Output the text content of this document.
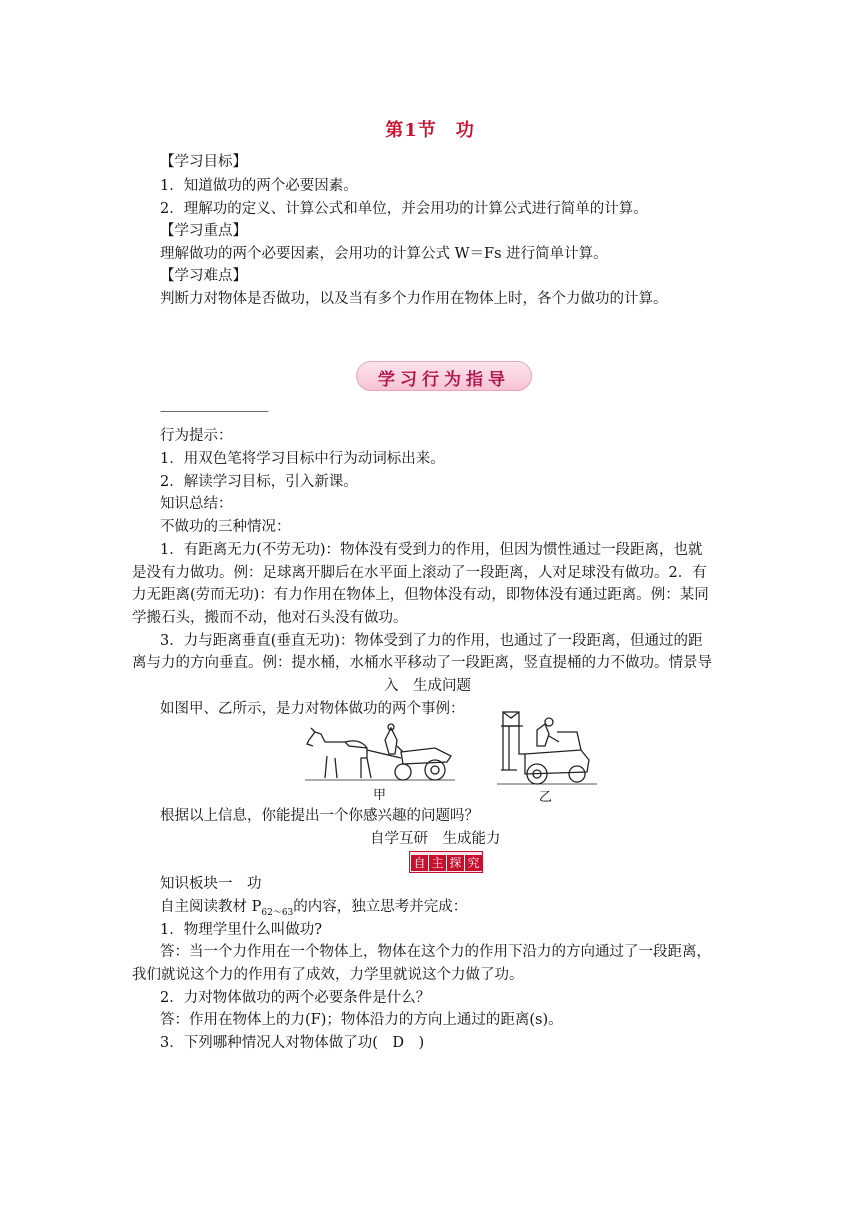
第1节　功
【学习目标】
1．知道做功的两个必要因素。
2．理解功的定义、计算公式和单位，并会用功的计算公式进行简单的计算。
【学习重点】
理解做功的两个必要因素，会用功的计算公式 W＝Fs 进行简单计算。
【学习难点】
判断力对物体是否做功，以及当有多个力作用在物体上时，各个力做功的计算。
学习行为指导
—————————
行为提示：
1．用双色笔将学习目标中行为动词标出来。
2．解读学习目标，引入新课。
知识总结：
不做功的三种情况：
1．有距离无力(不劳无功)：物体没有受到力的作用，但因为惯性通过一段距离，也就
是没有力做功。例：足球离开脚后在水平面上滚动了一段距离，人对足球没有做功。2．有
力无距离(劳而无功)：有力作用在物体上，但物体没有动，即物体没有通过距离。例：某同
学搬石头，搬而不动，他对石头没有做功。
3．力与距离垂直(垂直无功)：物体受到了力的作用，也通过了一段距离，但通过的距
离与力的方向垂直。例：提水桶，水桶水平移动了一段距离，竖直提桶的力不做功。情景导
入　生成问题
如图甲、乙所示，是力对物体做功的两个事例：
甲	乙
根据以上信息，你能提出一个你感兴趣的问题吗？
自学互研　生成能力
自 主 探 究
知识板块一　功
自主阅读教材 $P_{62\sim 63}$的内容，独立思考并完成：
1．物理学里什么叫做功?
答：当一个力作用在一个物体上，物体在这个力的作用下沿力的方向通过了一段距离，
我们就说这个力的作用有了成效，力学里就说这个力做了功。
2．力对物体做功的两个必要条件是什么？
答：作用在物体上的力(F)；物体沿力的方向上通过的距离(s)。
3．下列哪种情况人对物体做了功(　D　)
